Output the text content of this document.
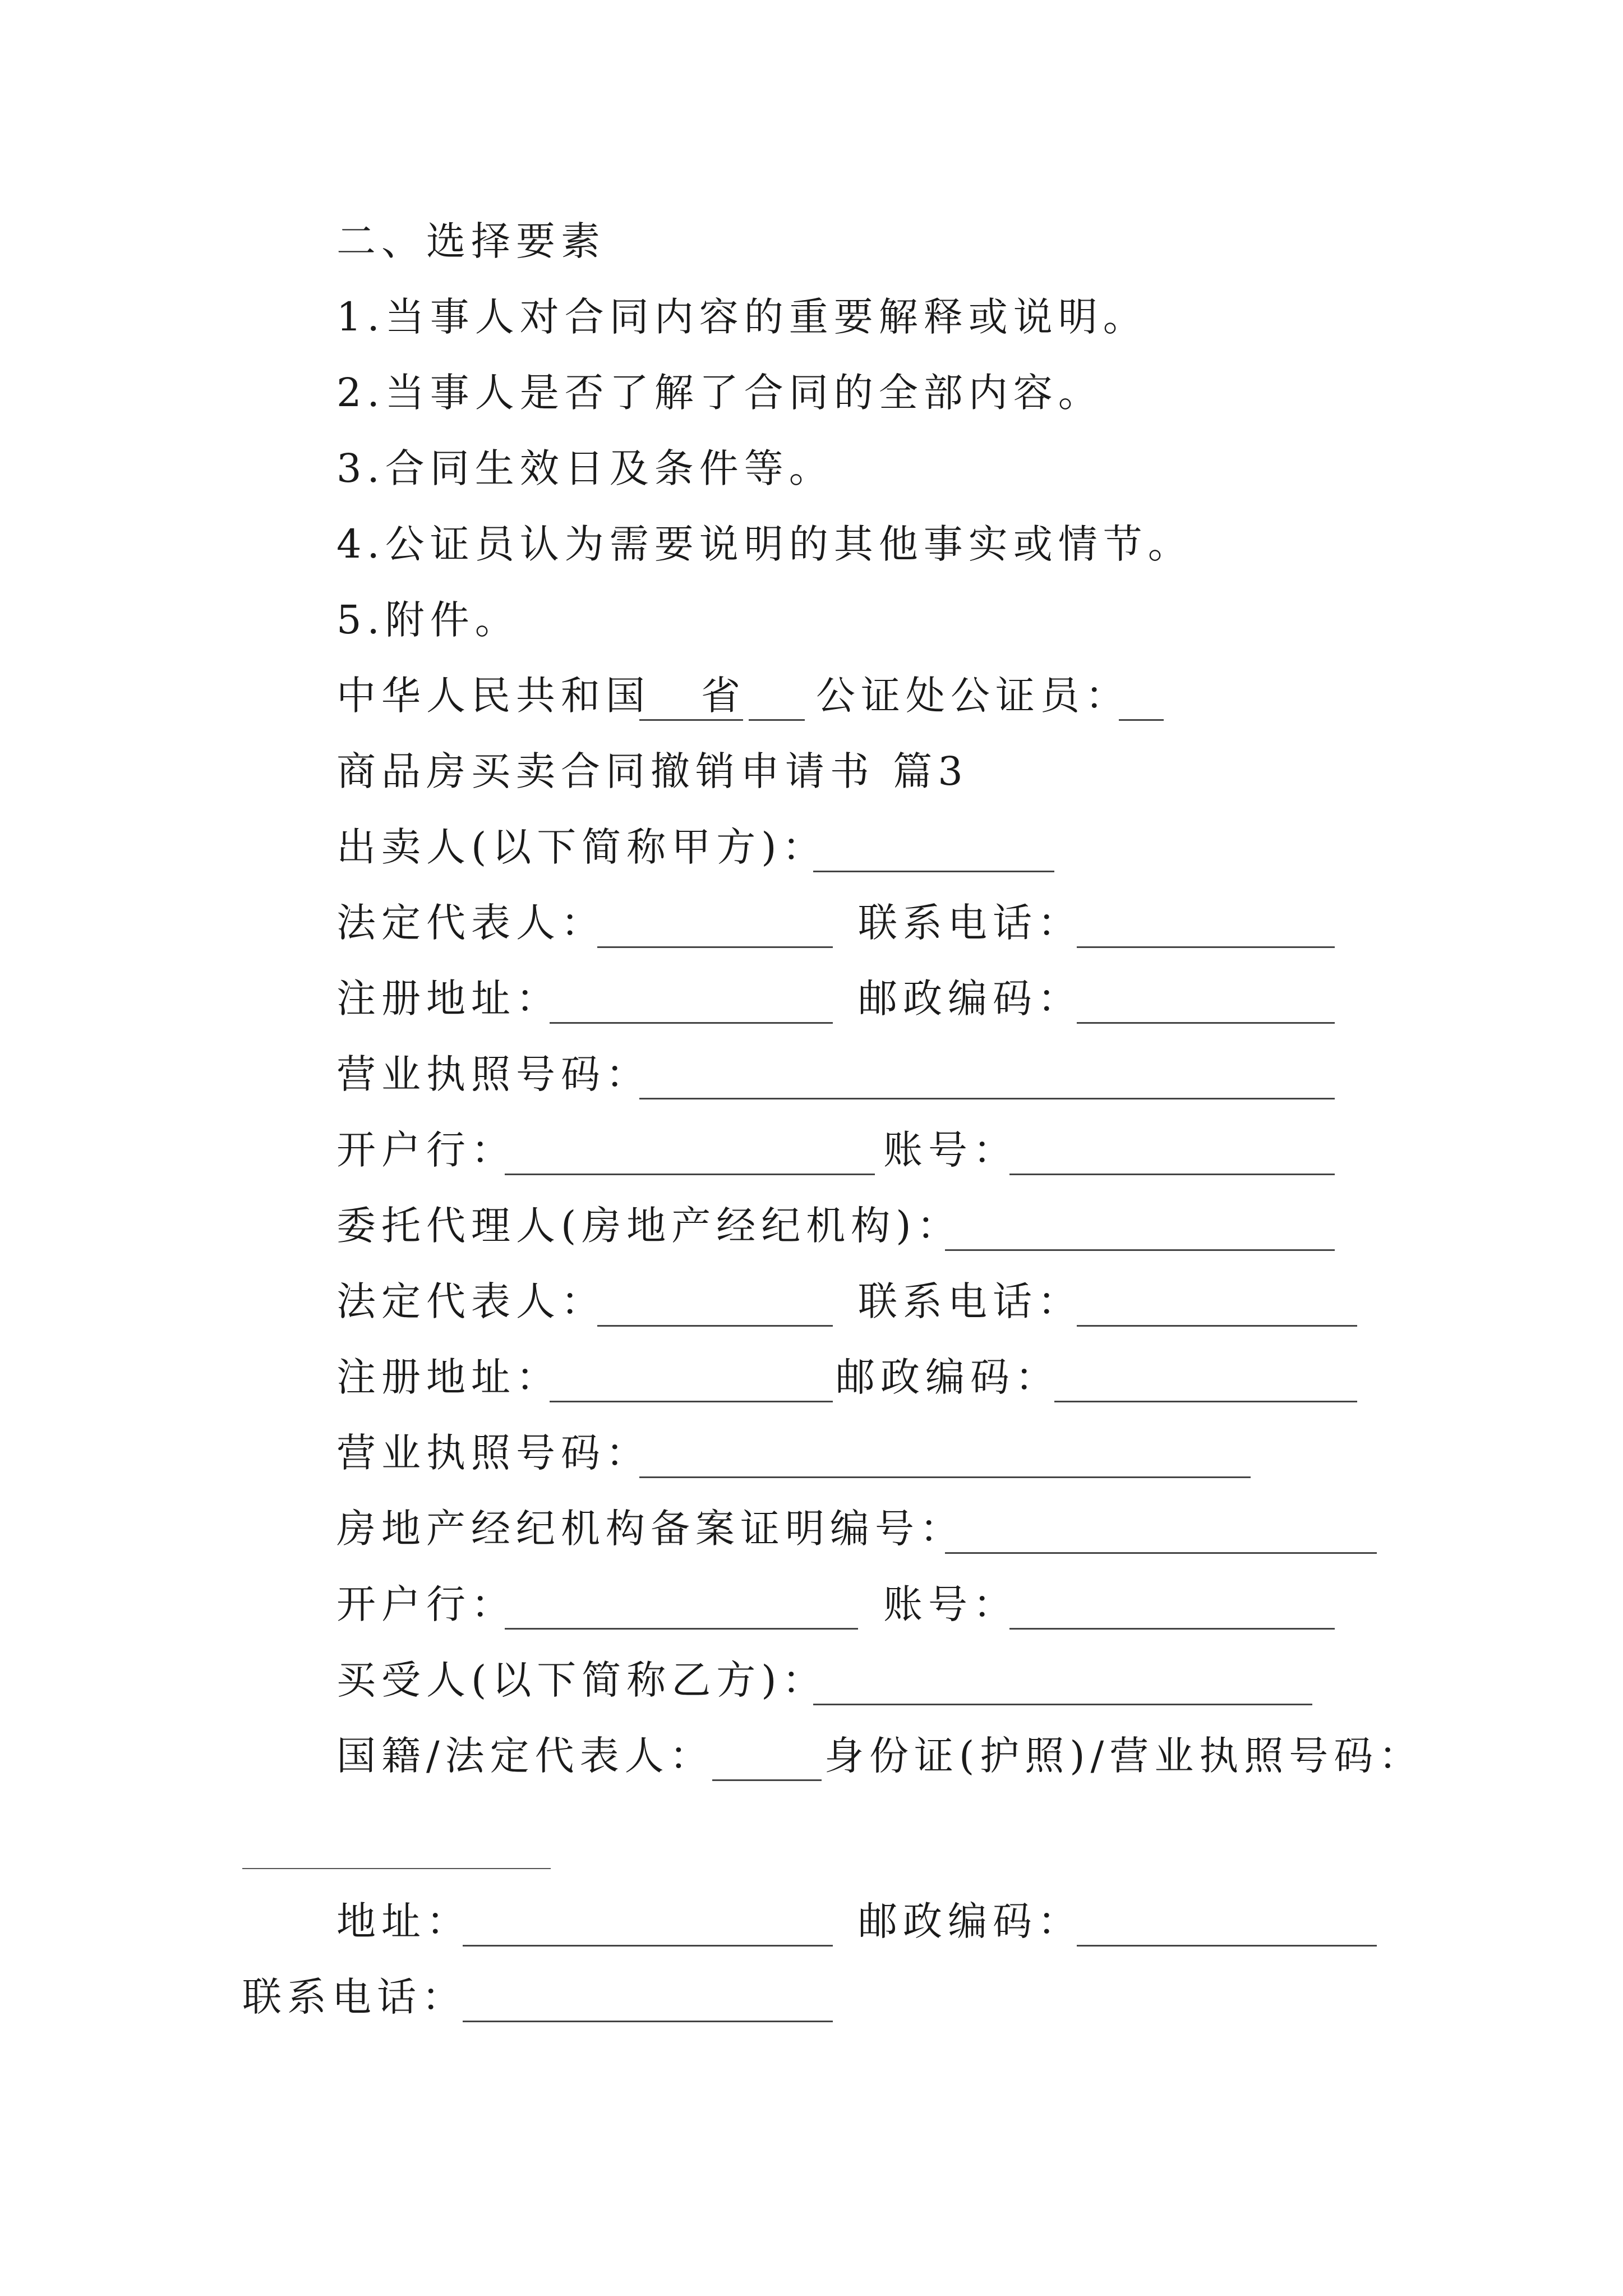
二、选择要素
1.当事人对合同内容的重要解释或说明。
2.当事人是否了解了合同的全部内容。
3.合同生效日及条件等。
4.公证员认为需要说明的其他事实或情节。
5.附件。
中华人民共和国 省 公证处公证员：
商品房买卖合同撤销申请书 篇3
出卖人(以下简称甲方)：
法定代表人：	联系电话：
注册地址：	邮政编码：
营业执照号码：
开户行：	账号：
委托代理人(房地产经纪机构)：
法定代表人：	联系电话：
注册地址：	邮政编码：
营业执照号码：
房地产经纪机构备案证明编号：
开户行：	账号：
买受人(以下简称乙方)：
国籍/法定代表人：	身份证(护照)/营业执照号码：
地址：	邮政编码：
联系电话：
